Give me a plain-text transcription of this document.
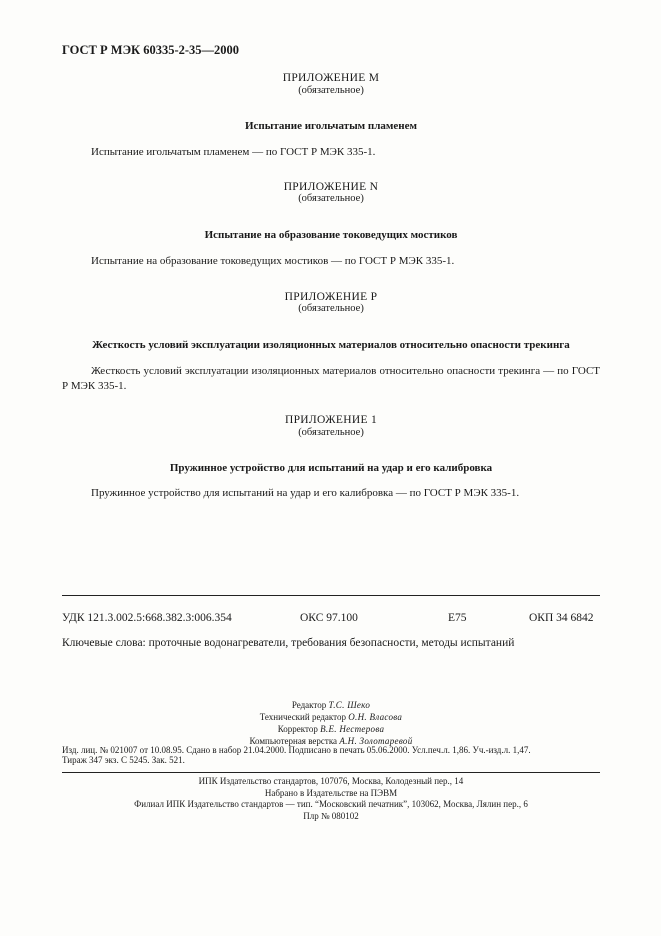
ГОСТ Р МЭК 60335-2-35—2000
ПРИЛОЖЕНИЕ M
(обязательное)
Испытание игольчатым пламенем
Испытание игольчатым пламенем — по ГОСТ Р МЭК 335-1.
ПРИЛОЖЕНИЕ N
(обязательное)
Испытание на образование токоведущих мостиков
Испытание на образование токоведущих мостиков — по ГОСТ Р МЭК 335-1.
ПРИЛОЖЕНИЕ P
(обязательное)
Жесткость условий эксплуатации изоляционных материалов относительно опасности трекинга
Жесткость условий эксплуатации изоляционных материалов относительно опасности трекинга — по ГОСТ Р МЭК 335-1.
ПРИЛОЖЕНИЕ 1
(обязательное)
Пружинное устройство для испытаний на удар и его калибровка
Пружинное устройство для испытаний на удар и его калибровка — по ГОСТ Р МЭК 335-1.
УДК 121.3.002.5:668.382.3:006.354	ОКС 97.100	Е75	ОКП 34 6842
Ключевые слова: проточные водонагреватели, требования безопасности, методы испытаний
Редактор Т.С. Шеко
Технический редактор О.Н. Власова
Корректор В.Е. Нестерова
Компьютерная верстка А.Н. Золотаревой
Изд. лиц. № 021007 от 10.08.95. Сдано в набор 21.04.2000. Подписано в печать 05.06.2000. Усл.печ.л. 1,86. Уч.-изд.л. 1,47.
Тираж 347 экз. С 5245. Зак. 521.
ИПК Издательство стандартов, 107076, Москва, Колодезный пер., 14
Набрано в Издательстве на ПЭВМ
Филиал ИПК Издательство стандартов — тип. “Московский печатник”, 103062, Москва, Лялин пер., 6
Плр № 080102
